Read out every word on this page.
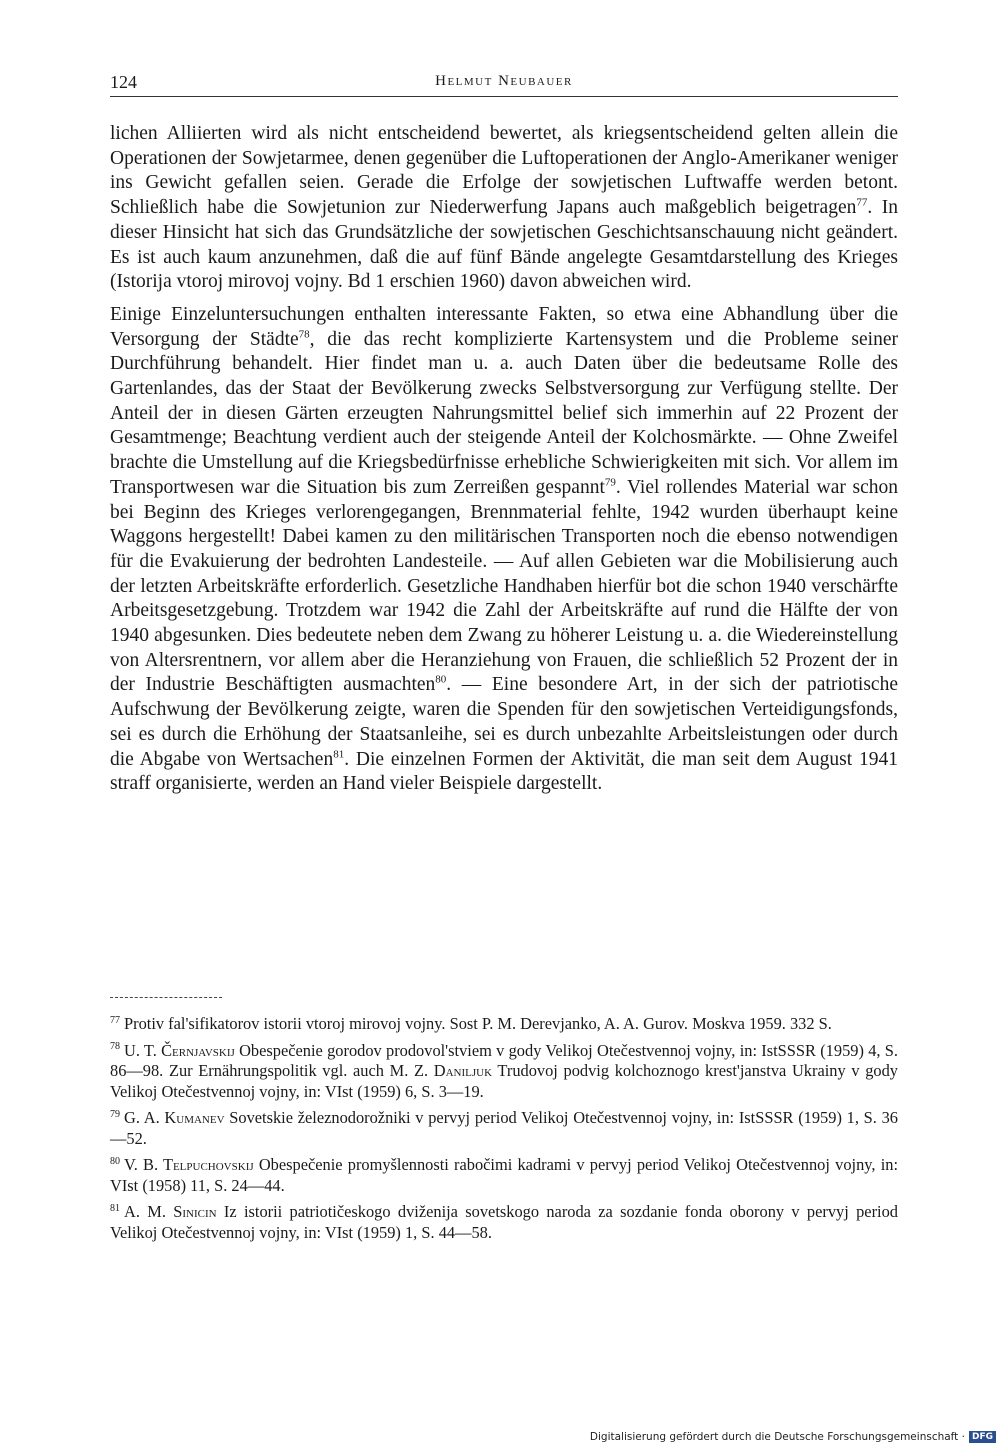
124	Helmut Neubauer

lichen Alliierten wird als nicht entscheidend bewertet, als kriegsentscheidend gelten allein die Operationen der Sowjetarmee, denen gegenüber die Luftoperationen der Anglo-Amerikaner weniger ins Gewicht gefallen seien. Gerade die Erfolge der sowjetischen Luftwaffe werden betont. Schließlich habe die Sowjetunion zur Niederwerfung Japans auch maßgeblich beigetragen$^{77}$. In dieser Hinsicht hat sich das Grundsätzliche der sowjetischen Geschichtsanschauung nicht geändert. Es ist auch kaum anzunehmen, daß die auf fünf Bände angelegte Gesamtdarstellung des Krieges (Istorija vtoroj mirovoj vojny. Bd 1 erschien 1960) davon abweichen wird.

Einige Einzeluntersuchungen enthalten interessante Fakten, so etwa eine Abhandlung über die Versorgung der Städte$^{78}$, die das recht komplizierte Kartensystem und die Probleme seiner Durchführung behandelt. Hier findet man u. a. auch Daten über die bedeutsame Rolle des Gartenlandes, das der Staat der Bevölkerung zwecks Selbstversorgung zur Verfügung stellte. Der Anteil der in diesen Gärten erzeugten Nahrungsmittel belief sich immerhin auf 22 Prozent der Gesamtmenge; Beachtung verdient auch der steigende Anteil der Kolchosmärkte. — Ohne Zweifel brachte die Umstellung auf die Kriegsbedürfnisse erhebliche Schwierigkeiten mit sich. Vor allem im Transportwesen war die Situation bis zum Zerreißen gespannt$^{79}$. Viel rollendes Material war schon bei Beginn des Krieges verlorengegangen, Brennmaterial fehlte, 1942 wurden überhaupt keine Waggons hergestellt! Dabei kamen zu den militärischen Transporten noch die ebenso notwendigen für die Evakuierung der bedrohten Landesteile. — Auf allen Gebieten war die Mobilisierung auch der letzten Arbeitskräfte erforderlich. Gesetzliche Handhaben hierfür bot die schon 1940 verschärfte Arbeitsgesetzgebung. Trotzdem war 1942 die Zahl der Arbeitskräfte auf rund die Hälfte der von 1940 abgesunken. Dies bedeutete neben dem Zwang zu höherer Leistung u. a. die Wiedereinstellung von Altersrentnern, vor allem aber die Heranziehung von Frauen, die schließlich 52 Prozent der in der Industrie Beschäftigten ausmachten$^{80}$. — Eine besondere Art, in der sich der patriotische Aufschwung der Bevölkerung zeigte, waren die Spenden für den sowjetischen Verteidigungsfonds, sei es durch die Erhöhung der Staatsanleihe, sei es durch unbezahlte Arbeitsleistungen oder durch die Abgabe von Wertsachen$^{81}$. Die einzelnen Formen der Aktivität, die man seit dem August 1941 straff organisierte, werden an Hand vieler Beispiele dargestellt.

$^{77}$ Protiv fal'sifikatorov istorii vtoroj mirovoj vojny. Sost P. M. Derevjanko, A. A. Gurov. Moskva 1959. 332 S.
$^{78}$ U. T. Černjavskij Obespečenie gorodov prodovol'stviem v gody Velikoj Otečestvennoj vojny, in: IstSSSR (1959) 4, S. 86—98. Zur Ernährungspolitik vgl. auch M. Z. Daniljuk Trudovoj podvig kolchoznogo krest'janstva Ukrainy v gody Velikoj Otečestvennoj vojny, in: VIst (1959) 6, S. 3—19.
$^{79}$ G. A. Kumanev Sovetskie železnodorožniki v pervyj period Velikoj Otečestvennoj vojny, in: IstSSSR (1959) 1, S. 36—52.
$^{80}$ V. B. Telpuchovskij Obespečenie promyšlennosti rabočimi kadrami v pervyj period Velikoj Otečestvennoj vojny, in: VIst (1958) 11, S. 24—44.
$^{81}$ A. M. Sinicin Iz istorii patriotičeskogo dviženija sovetskogo naroda za sozdanie fonda oborony v pervyj period Velikoj Otečestvennoj vojny, in: VIst (1959) 1, S. 44—58.
Digitalisierung gefördert durch die Deutsche Forschungsgemeinschaft · DFG
